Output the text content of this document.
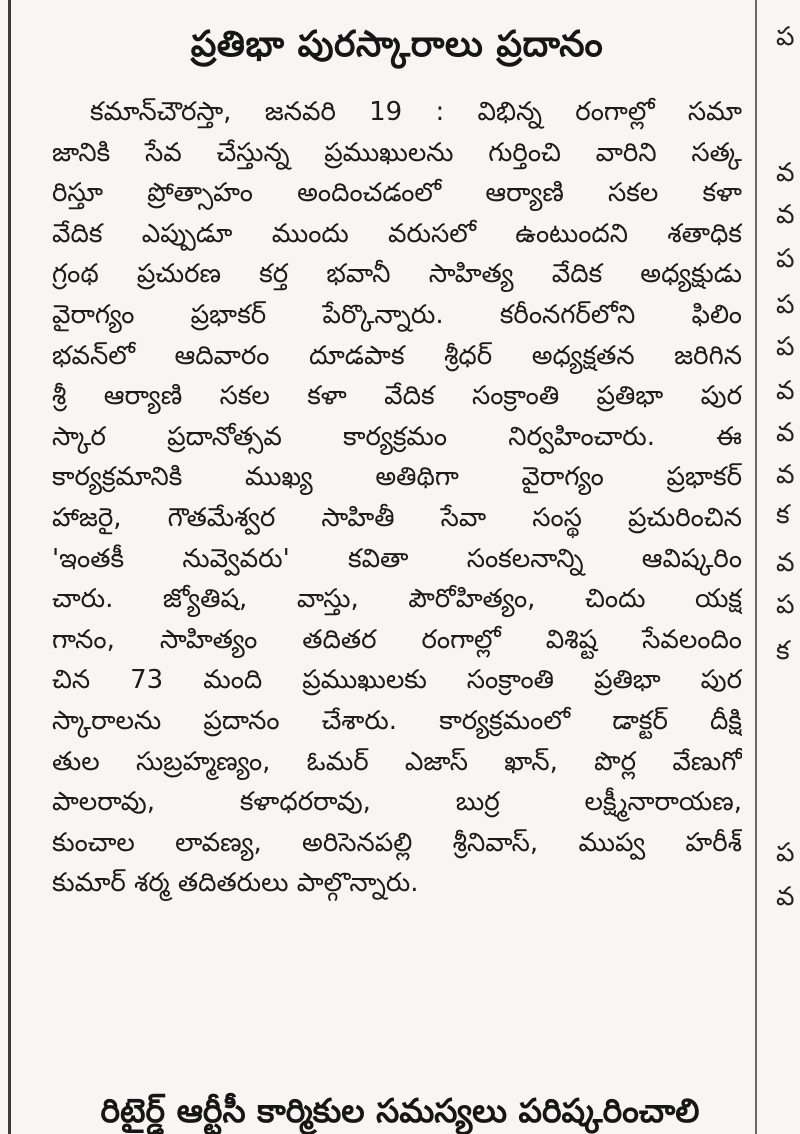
ప్రతిభా పురస్కారాలు ప్రదానం
కమాన్‌చౌరస్తా, జనవరి 19 : విభిన్న రంగాల్లో సమా
జానికి సేవ చేస్తున్న ప్రముఖులను గుర్తించి వారిని సత్క
రిస్తూ ప్రోత్సాహం అందించడంలో ఆర్యాణి సకల కళా
వేదిక ఎప్పుడూ ముందు వరుసలో ఉంటుందని శతాధిక
గ్రంథ ప్రచురణ కర్త భవానీ సాహిత్య వేదిక అధ్యక్షుడు
వైరాగ్యం ప్రభాకర్ పేర్కొన్నారు. కరీంనగర్‌లోని ఫిలిం
భవన్‌లో ఆదివారం దూడపాక శ్రీధర్ అధ్యక్షతన జరిగిన
శ్రీ ఆర్యాణి సకల కళా వేదిక సంక్రాంతి ప్రతిభా పుర
స్కార ప్రదానోత్సవ కార్యక్రమం నిర్వహించారు. ఈ
కార్యక్రమానికి ముఖ్య అతిథిగా వైరాగ్యం ప్రభాకర్
హాజరై, గౌతమేశ్వర సాహితీ సేవా సంస్థ ప్రచురించిన
'ఇంతకీ నువ్వెవరు' కవితా సంకలనాన్ని ఆవిష్కరిం
చారు. జ్యోతిష, వాస్తు, పౌరోహిత్యం, చిందు యక్ష
గానం, సాహిత్యం తదితర రంగాల్లో విశిష్ట సేవలందిం
చిన 73 మంది ప్రముఖులకు సంక్రాంతి ప్రతిభా పుర
స్కారాలను ప్రదానం చేశారు. కార్యక్రమంలో డాక్టర్ దీక్షి
తుల సుబ్రహ్మణ్యం, ఓమర్ ఎజాస్ ఖాన్, పొర్ల వేణుగో
పాలరావు, కళాధరరావు, బుర్ర లక్ష్మీనారాయణ,
కుంచాల లావణ్య, అరిసెనపల్లి శ్రీనివాస్, ముప్వ హరీశ్
కుమార్ శర్మ తదితరులు పాల్గొన్నారు.
ప
వ
వ
ప
ప
ప
వ
వ
వ
క
వ
ప
క
ప
వ
రిటైర్డ్ ఆర్టీసీ కార్మికుల సమస్యలు పరిష్కరించాలి
